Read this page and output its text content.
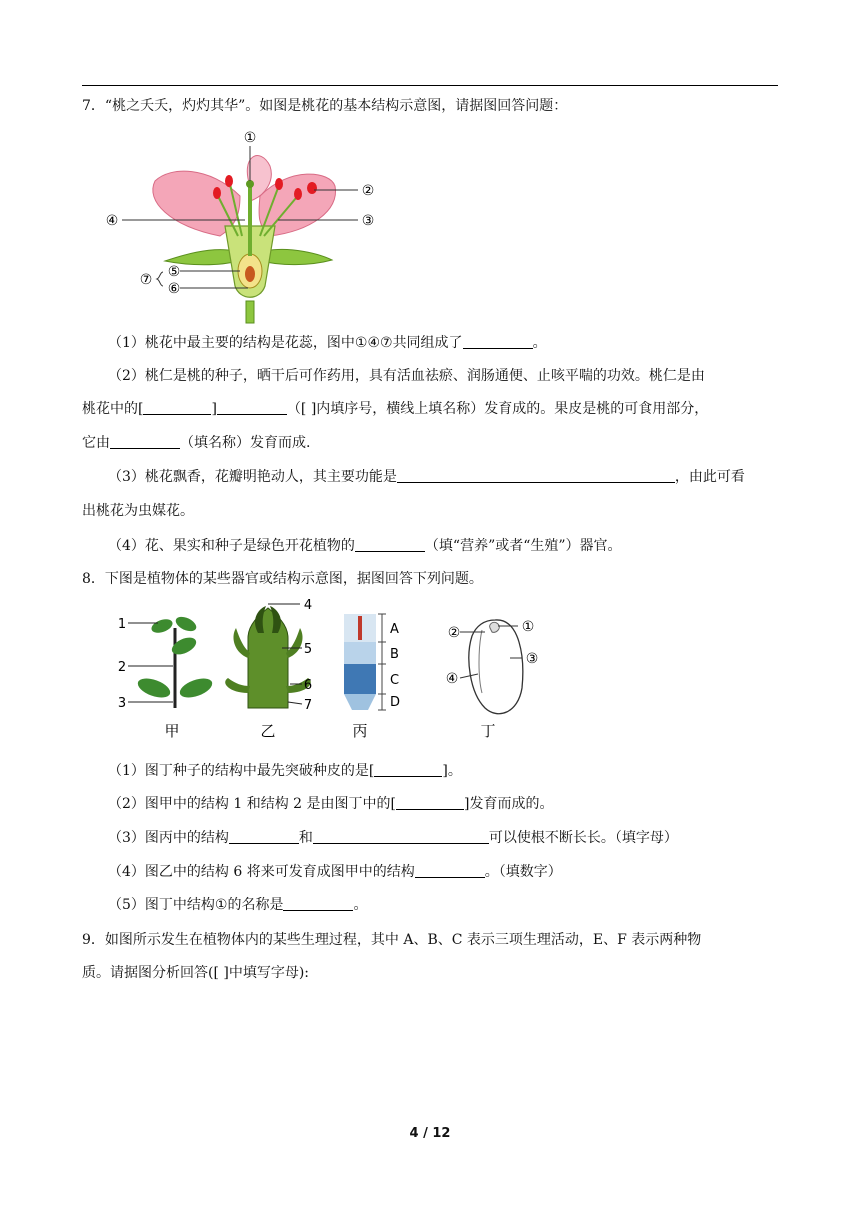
7．“桃之夭夭，灼灼其华”。如图是桃花的基本结构示意图，请据图回答问题：
①
②
③
④
⑤
⑥
⑦
（1）桃花中最主要的结构是花蕊，图中①④⑦共同组成了	。
（2）桃仁是桃的种子，晒干后可作药用，具有活血祛瘀、润肠通便、止咳平喘的功效。桃仁是由
桃花中的[	]	（[ ]内填序号，横线上填名称）发育成的。果皮是桃的可食用部分，
它由	（填名称）发育而成.
（3）桃花飘香，花瓣明艳动人，其主要功能是	，由此可看
出桃花为虫媒花。
（4）花、果实和种子是绿色开花植物的	（填“营养”或者“生殖”）器官。
8．下图是植物体的某些器官或结构示意图，据图回答下列问题。
1
2
3
甲
4
5
6
7
乙
A
B
C
D
丙
①
②
③
④
丁
（1）图丁种子的结构中最先突破种皮的是[	]。
（2）图甲中的结构 1 和结构 2 是由图丁中的[	]发育而成的。
（3）图丙中的结构	和	可以使根不断长长。（填字母）
（4）图乙中的结构 6 将来可发育成图甲中的结构	。（填数字）
（5）图丁中结构①的名称是	。
9．如图所示发生在植物体内的某些生理过程，其中 A、B、C 表示三项生理活动，E、F 表示两种物
质。请据图分析回答([ ]中填写字母):
4 / 12
